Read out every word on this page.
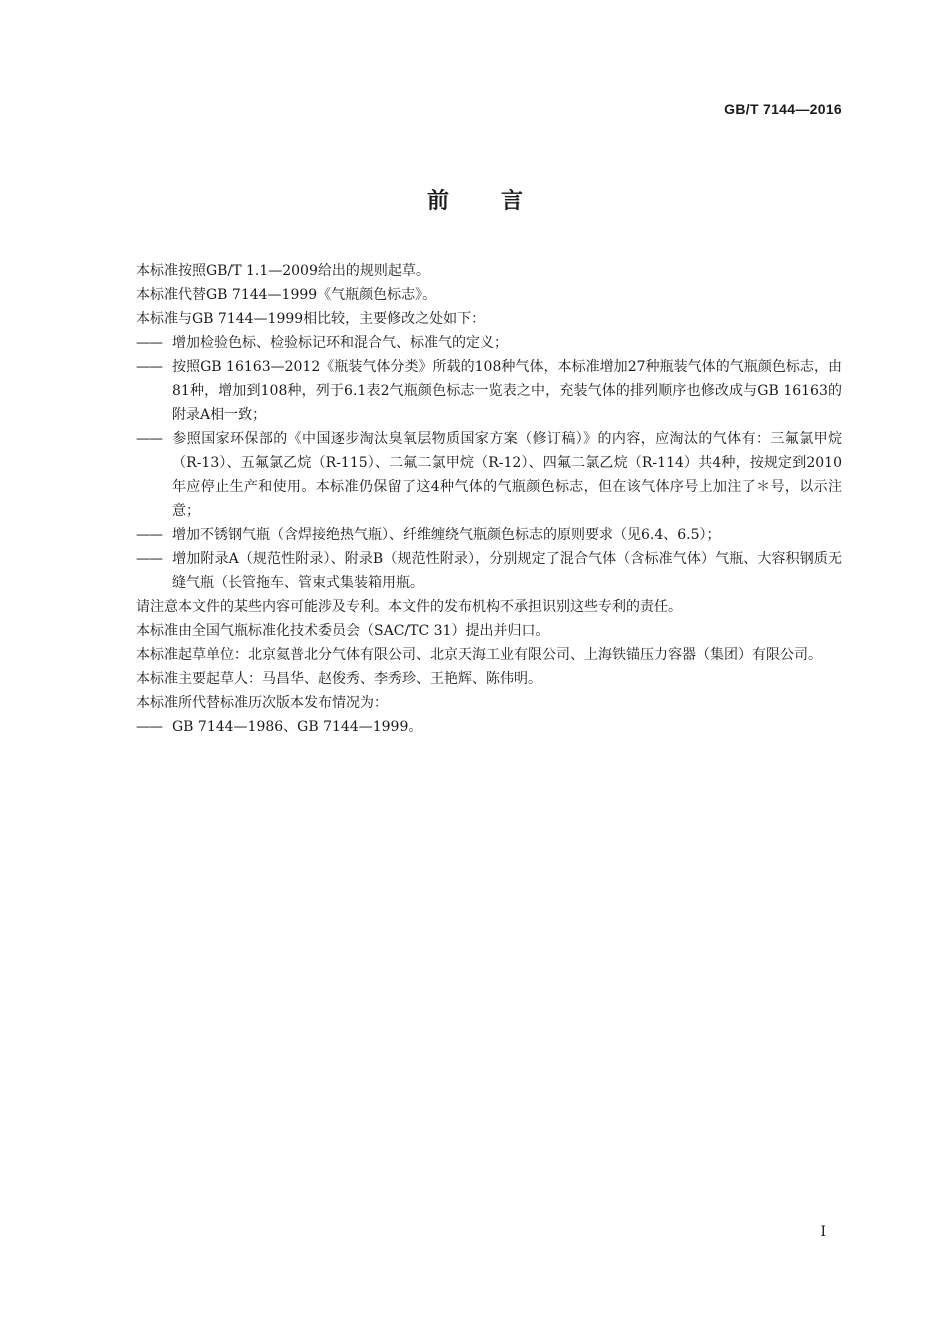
GB/T 7144—2016
前言

本标准按照GB/T 1.1—2009给出的规则起草。

本标准代替GB 7144—1999《气瓶颜色标志》。

本标准与GB 7144—1999相比较，主要修改之处如下：

—— 增加检验色标、检验标记环和混合气、标准气的定义；

—— 按照GB 16163—2012《瓶装气体分类》所载的108种气体，本标准增加27种瓶装气体的气瓶颜色标志，由81种，增加到108种，列于6.1表2气瓶颜色标志一览表之中，充装气体的排列顺序也修改成与GB 16163的附录A相一致；

—— 参照国家环保部的《中国逐步淘汰臭氧层物质国家方案（修订稿）》的内容，应淘汰的气体有：三氟氯甲烷（R-13）、五氟氯乙烷（R-115）、二氟二氯甲烷（R-12）、四氟二氯乙烷（R-114）共4种，按规定到2010年应停止生产和使用。本标准仍保留了这4种气体的气瓶颜色标志，但在该气体序号上加注了＊号，以示注意；

—— 增加不锈钢气瓶（含焊接绝热气瓶）、纤维缠绕气瓶颜色标志的原则要求（见6.4、6.5）；

—— 增加附录A（规范性附录）、附录B（规范性附录），分别规定了混合气体（含标准气体）气瓶、大容积钢质无缝气瓶（长管拖车、管束式集装箱用瓶。

请注意本文件的某些内容可能涉及专利。本文件的发布机构不承担识别这些专利的责任。

本标准由全国气瓶标准化技术委员会（SAC/TC 31）提出并归口。

本标准起草单位：北京氦普北分气体有限公司、北京天海工业有限公司、上海铁锚压力容器（集团）有限公司。

本标准主要起草人：马昌华、赵俊秀、李秀珍、王艳辉、陈伟明。

本标准所代替标准历次版本发布情况为：

—— GB 7144—1986、GB 7144—1999。

I
